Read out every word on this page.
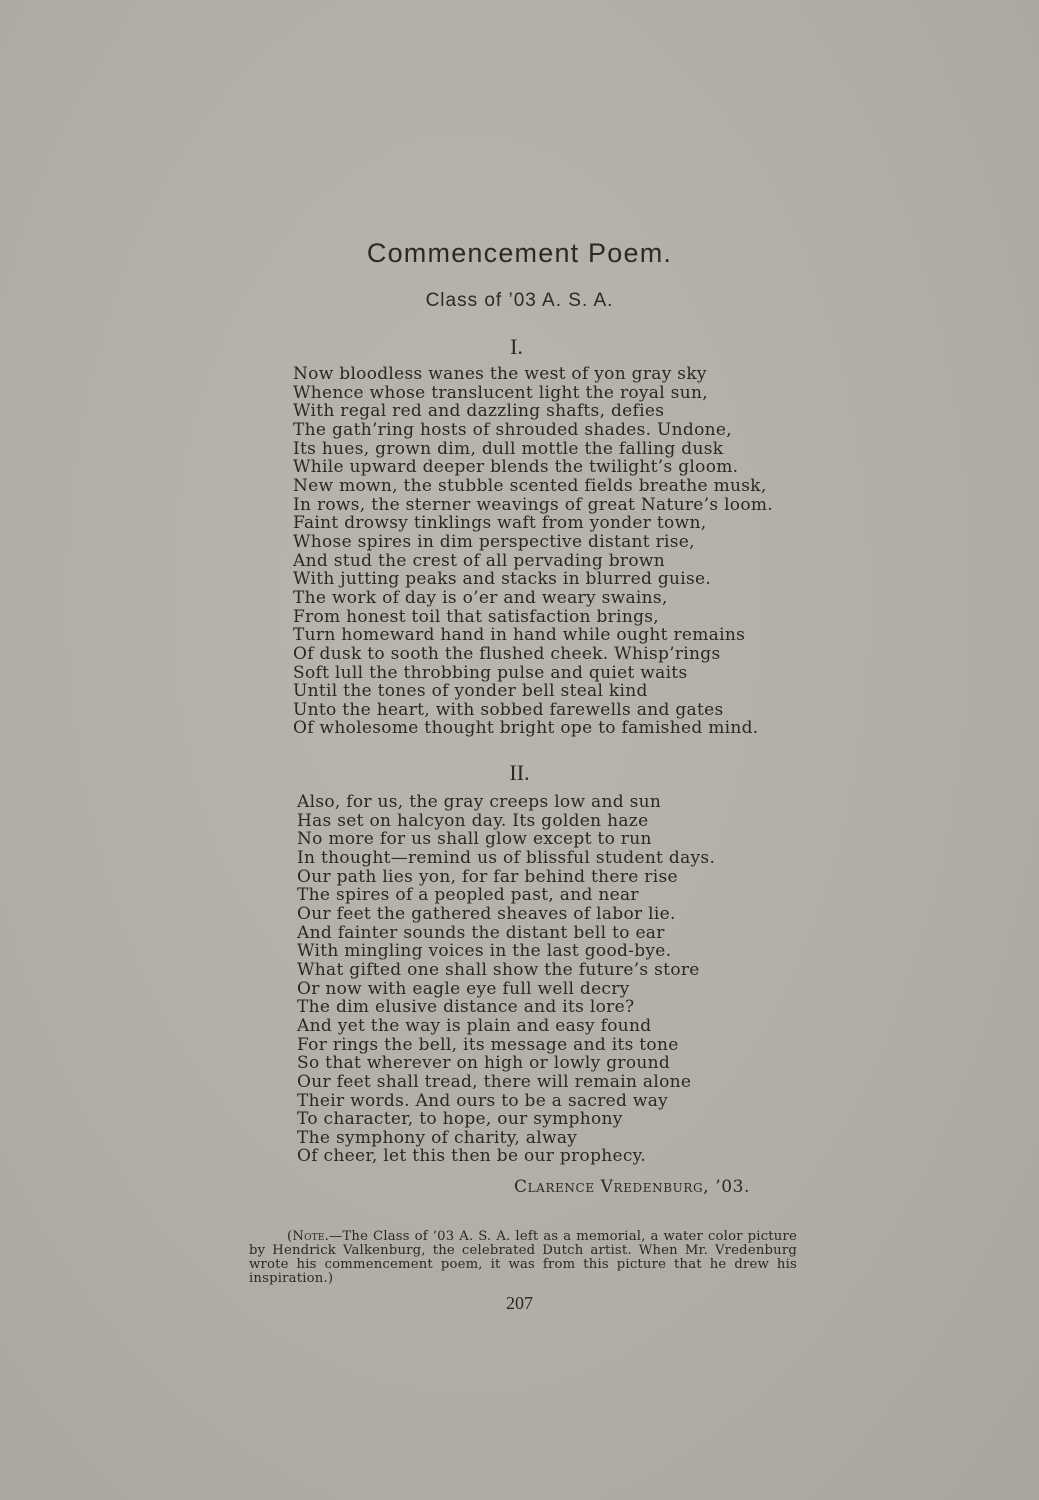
Commencement Poem.
Class of ’03 A. S. A.
I.
Now bloodless wanes the west of yon gray sky
Whence whose translucent light the royal sun,
With regal red and dazzling shafts, defies
The gath’ring hosts of shrouded shades. Undone,
Its hues, grown dim, dull mottle the falling dusk
While upward deeper blends the twilight’s gloom.
New mown, the stubble scented fields breathe musk,
In rows, the sterner weavings of great Nature’s loom.
Faint drowsy tinklings waft from yonder town,
Whose spires in dim perspective distant rise,
And stud the crest of all pervading brown
With jutting peaks and stacks in blurred guise.
The work of day is o’er and weary swains,
From honest toil that satisfaction brings,
Turn homeward hand in hand while ought remains
Of dusk to sooth the flushed cheek. Whisp’rings
Soft lull the throbbing pulse and quiet waits
Until the tones of yonder bell steal kind
Unto the heart, with sobbed farewells and gates
Of wholesome thought bright ope to famished mind.
II.
Also, for us, the gray creeps low and sun
Has set on halcyon day. Its golden haze
No more for us shall glow except to run
In thought—remind us of blissful student days.
Our path lies yon, for far behind there rise
The spires of a peopled past, and near
Our feet the gathered sheaves of labor lie.
And fainter sounds the distant bell to ear
With mingling voices in the last good-bye.
What gifted one shall show the future’s store
Or now with eagle eye full well decry
The dim elusive distance and its lore?
And yet the way is plain and easy found
For rings the bell, its message and its tone
So that wherever on high or lowly ground
Our feet shall tread, there will remain alone
Their words. And ours to be a sacred way
To character, to hope, our symphony
The symphony of charity, alway
Of cheer, let this then be our prophecy.
Clarence Vredenburg, ’03.

(Note.—The Class of ’03 A. S. A. left as a memorial, a water color picture by Hendrick Valkenburg, the celebrated Dutch artist. When Mr. Vredenburg wrote his commencement poem, it was from this picture that he drew his inspiration.)

207
